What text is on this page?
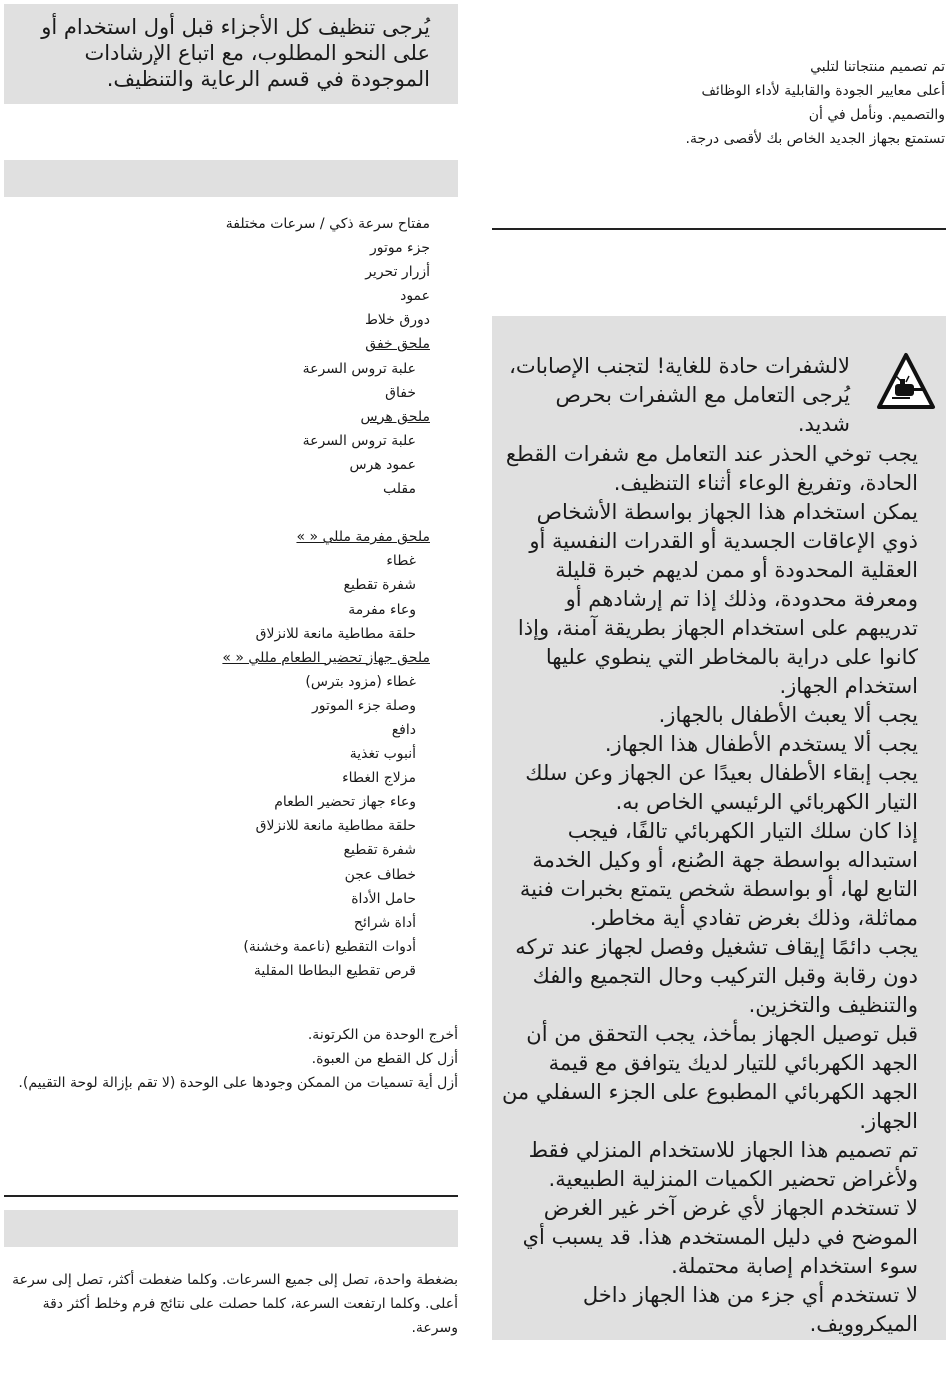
يُرجى تنظيف كل الأجزاء قبل أول استخدام أو على النحو المطلوب، مع اتباع الإرشادات الموجودة في قسم الرعاية والتنظيف.

مفتاح سرعة ذكي / سرعات مختلفة
جزء موتور
أزرار تحرير
عمود
دورق خلاط
ملحق خفق
علبة تروس السرعة
خفاق
ملحق هرس
علبة تروس السرعة
عمود هرس
مقلب
ملحق مفرمة مللي « »
غطاء
شفرة تقطيع
وعاء مفرمة
حلقة مطاطية مانعة للانزلاق
ملحق جهاز تحضير الطعام مللي « »
غطاء (مزود بترس)
وصلة جزء الموتور
دافع
أنبوب تغذية
مزلاج الغطاء
وعاء جهاز تحضير الطعام
حلقة مطاطية مانعة للانزلاق
شفرة تقطيع
خطاف عجن
حامل الأداة
أداة شرائح
أدوات التقطيع (ناعمة وخشنة)
قرص تقطيع البطاطا المقلية

أخرج الوحدة من الكرتونة.

أزل كل القطع من العبوة.

أزل أية تسميات من الممكن وجودها على الوحدة (لا تقم بإزالة لوحة التقييم).

بضغطة واحدة، تصل إلى جميع السرعات. وكلما ضغطت أكثر، تصل إلى سرعة أعلى. وكلما ارتفعت السرعة، كلما حصلت على نتائج فرم وخلط أكثر دقة وسرعة.

تم تصميم منتجاتنا لتلبي

أعلى معايير الجودة والقابلية لأداء الوظائف

والتصميم. ونأمل في أن

تستمتع بجهاز الجديد الخاص بك لأقصى درجة.

لالشفرات حادة للغاية! لتجنب الإصابات، يُرجى التعامل مع الشفرات بحرص شديد.

يجب توخي الحذر عند التعامل مع شفرات القطع الحادة، وتفريغ الوعاء أثناء التنظيف.

يمكن استخدام هذا الجهاز بواسطة الأشخاص ذوي الإعاقات الجسدية أو القدرات النفسية أو العقلية المحدودة أو ممن لديهم خبرة قليلة ومعرفة محدودة، وذلك إذا تم إرشادهم أو تدريبهم على استخدام الجهاز بطريقة آمنة، وإذا كانوا على دراية بالمخاطر التي ينطوي عليها استخدام الجهاز.

يجب ألا يعبث الأطفال بالجهاز.

يجب ألا يستخدم الأطفال هذا الجهاز.

يجب إبقاء الأطفال بعيدًا عن الجهاز وعن سلك التيار الكهربائي الرئيسي الخاص به.

إذا كان سلك التيار الكهربائي تالفًا، فيجب استبداله بواسطة جهة الصُنع، أو وكيل الخدمة التابع لها، أو بواسطة شخص يتمتع بخبرات فنية مماثلة، وذلك بغرض تفادي أية مخاطر.

يجب دائمًا إيقاف تشغيل وفصل لجهاز عند تركه دون رقابة وقبل التركيب وحال التجميع والفك والتنظيف والتخزين.

قبل توصيل الجهاز بمأخذ، يجب التحقق من أن الجهد الكهربائي للتيار لديك يتوافق مع قيمة الجهد الكهربائي المطبوع على الجزء السفلي من الجهاز.

تم تصميم هذا الجهاز للاستخدام المنزلي فقط ولأغراض تحضير الكميات المنزلية الطبيعية.

لا تستخدم الجهاز لأي غرض آخر غير الغرض الموضح في دليل المستخدم هذا. قد يسبب أي سوء استخدام إصابة محتملة.

لا تستخدم أي جزء من هذا الجهاز داخل الميكروويف.
